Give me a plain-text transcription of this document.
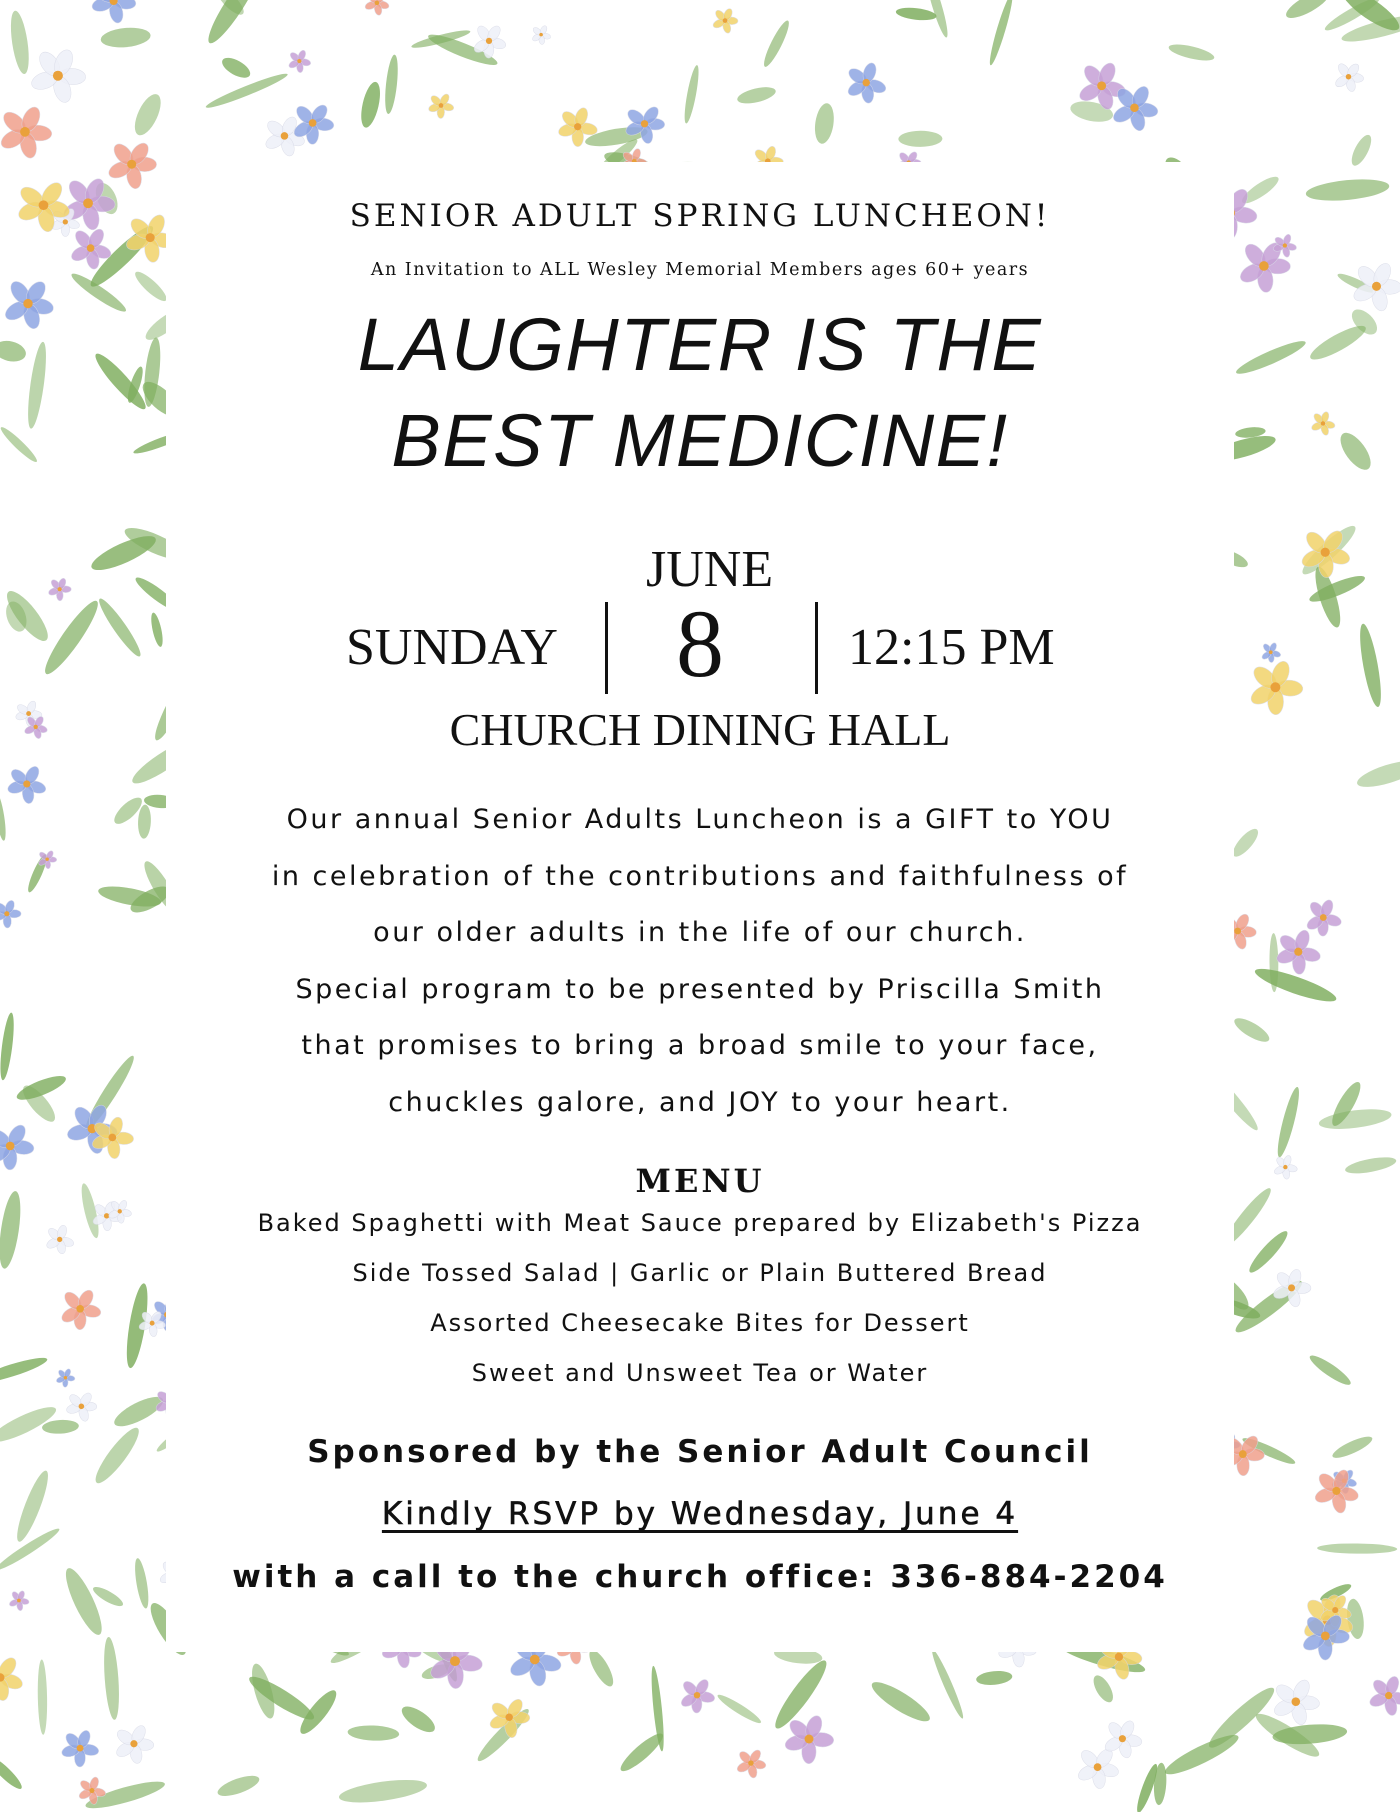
SENIOR ADULT SPRING LUNCHEON!
An Invitation to ALL Wesley Memorial Members ages 60+ years
LAUGHTER IS THE
BEST MEDICINE!
SUNDAY
JUNE
8	12:15 PM
CHURCH DINING HALL
Our annual Senior Adults Luncheon is a GIFT to YOU
in celebration of the contributions and faithfulness of
our older adults in the life of our church.
Special program to be presented by Priscilla Smith
that promises to bring a broad smile to your face,
chuckles galore, and JOY to your heart.
MENU
Baked Spaghetti with Meat Sauce prepared by Elizabeth's Pizza
Side Tossed Salad | Garlic or Plain Buttered Bread
Assorted Cheesecake Bites for Dessert
Sweet and Unsweet Tea or Water
Sponsored by the Senior Adult Council
Kindly RSVP by Wednesday, June 4
with a call to the church office: 336-884-2204
